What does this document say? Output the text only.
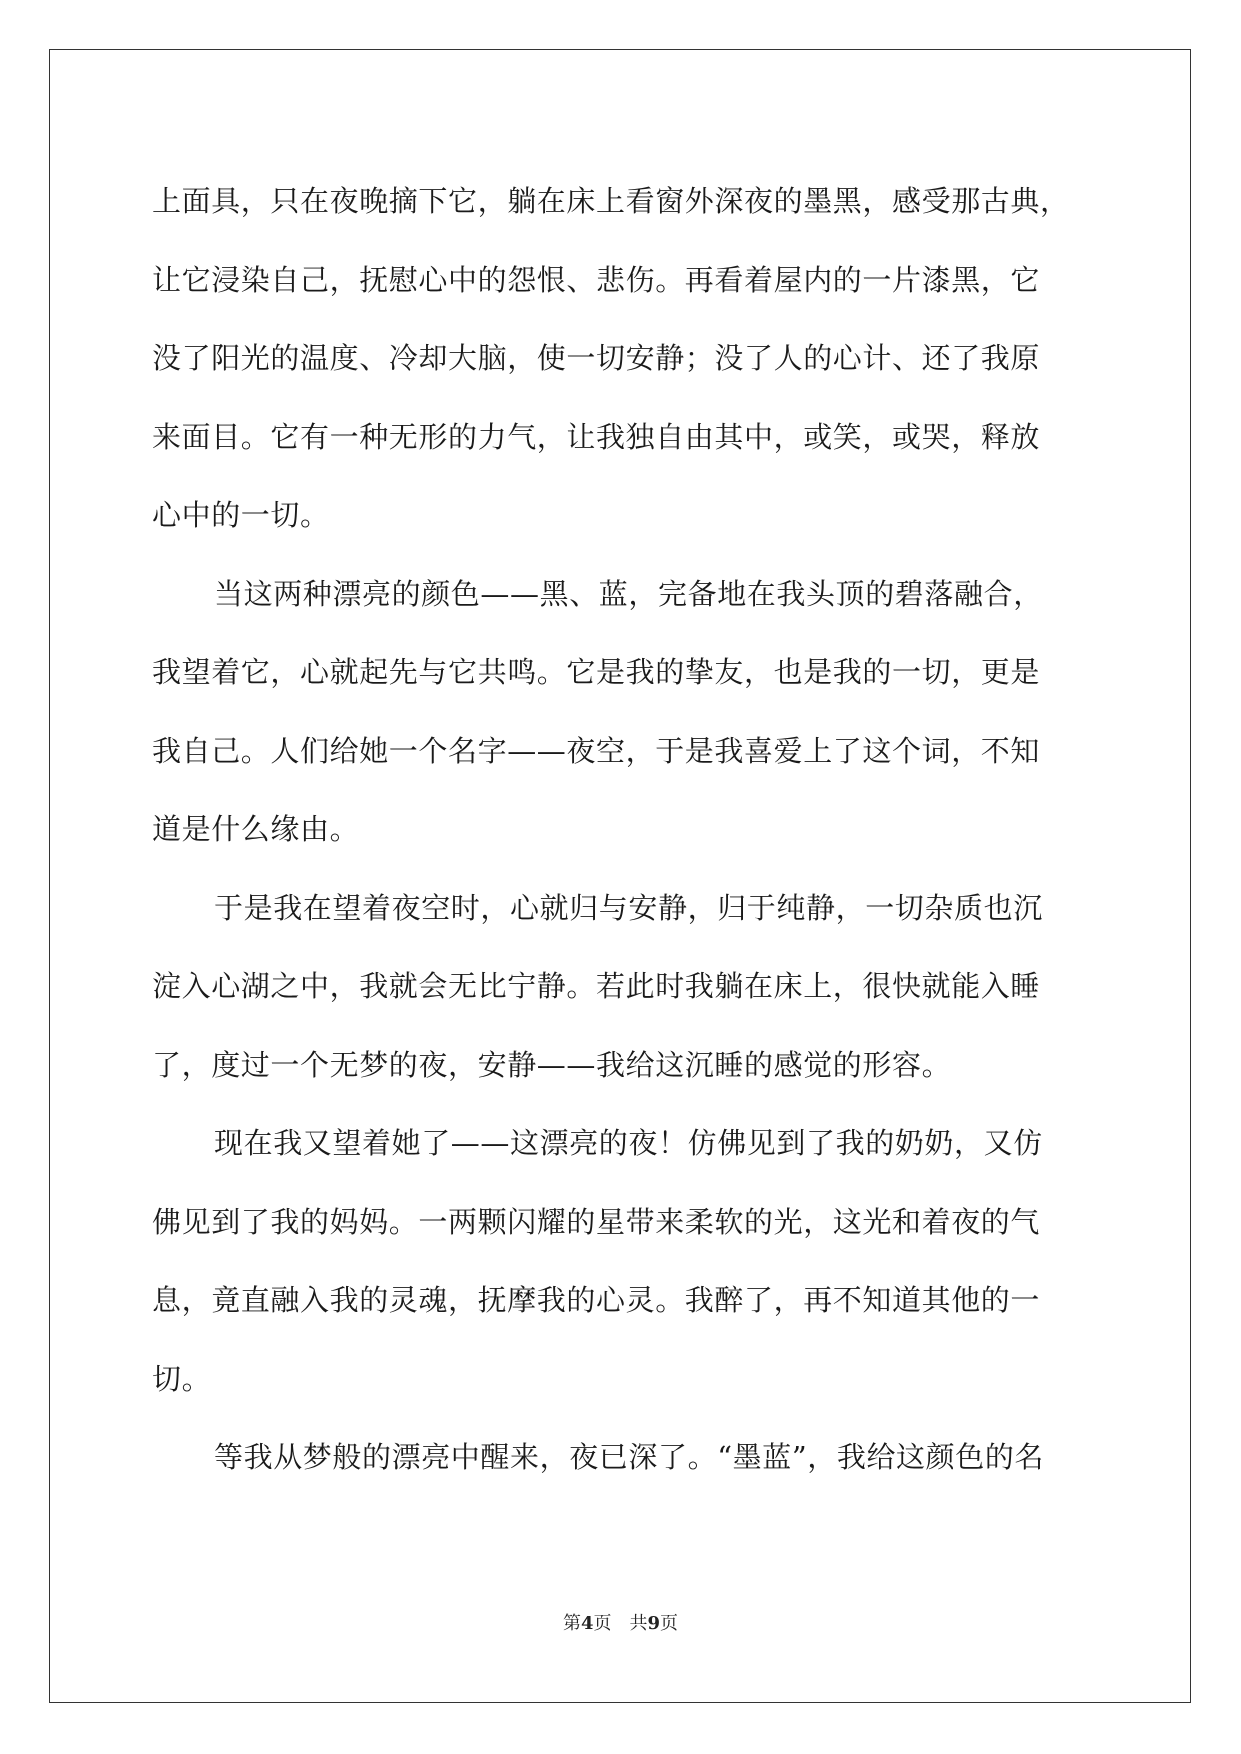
上面具，只在夜晚摘下它，躺在床上看窗外深夜的墨黑，感受那古典，
让它浸染自己，抚慰心中的怨恨、悲伤。再看着屋内的一片漆黑，它
没了阳光的温度、冷却大脑，使一切安静；没了人的心计、还了我原
来面目。它有一种无形的力气，让我独自由其中，或笑，或哭，释放
心中的一切。
当这两种漂亮的颜色——黑、蓝，完备地在我头顶的碧落融合，
我望着它，心就起先与它共鸣。它是我的挚友，也是我的一切，更是
我自己。人们给她一个名字——夜空，于是我喜爱上了这个词，不知
道是什么缘由。
于是我在望着夜空时，心就归与安静，归于纯静，一切杂质也沉
淀入心湖之中，我就会无比宁静。若此时我躺在床上，很快就能入睡
了，度过一个无梦的夜，安静——我给这沉睡的感觉的形容。
现在我又望着她了——这漂亮的夜！仿佛见到了我的奶奶，又仿
佛见到了我的妈妈。一两颗闪耀的星带来柔软的光，这光和着夜的气
息，竟直融入我的灵魂，抚摩我的心灵。我醉了，再不知道其他的一
切。
等我从梦般的漂亮中醒来，夜已深了。“墨蓝”，我给这颜色的名
第4页　共9页
